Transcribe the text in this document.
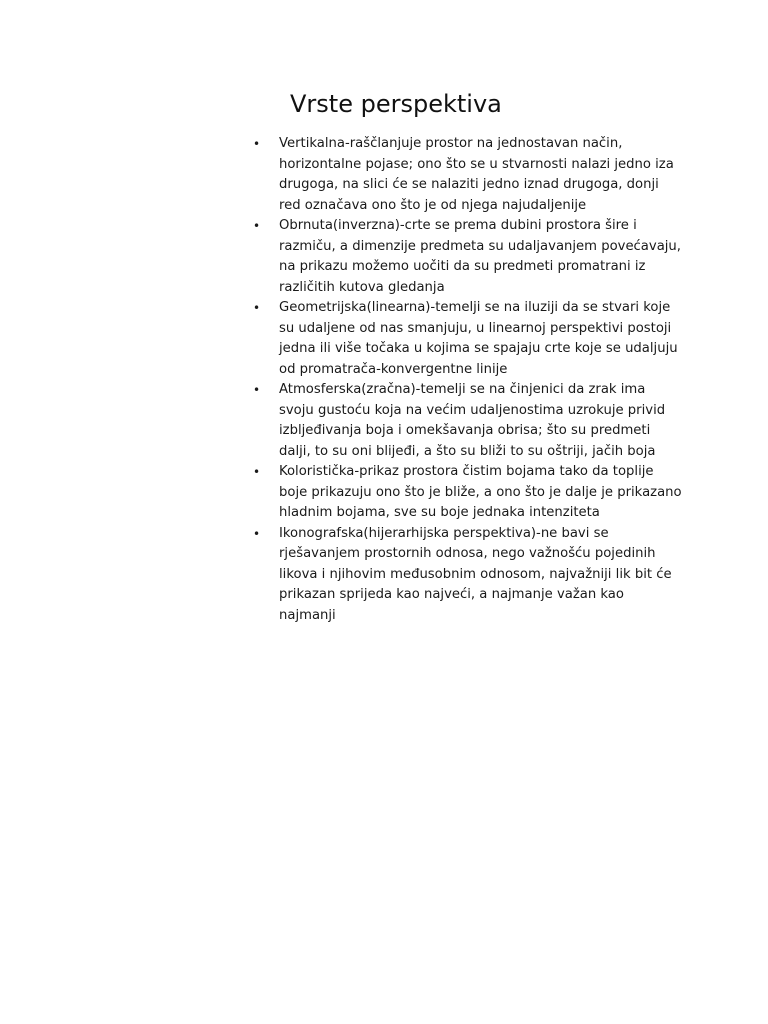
Vrste perspektiva
•	Vertikalna-raščlanjuje prostor na jednostavan način, horizontalne pojase; ono što se u stvarnosti nalazi jedno iza drugoga, na slici će se nalaziti jedno iznad drugoga, donji red označava ono što je od njega najudaljenije
•	Obrnuta(inverzna)-crte se prema dubini prostora šire i razmiču, a dimenzije predmeta su udaljavanjem povećavaju, na prikazu možemo uočiti da su predmeti promatrani iz različitih kutova gledanja
•	Geometrijska(linearna)-temelji se na iluziji da se stvari koje su udaljene od nas smanjuju, u linearnoj perspektivi postoji jedna ili više točaka u kojima se spajaju crte koje se udaljuju od promatrača-konvergentne linije
•	Atmosferska(zračna)-temelji se na činjenici da zrak ima svoju gustoću koja na većim udaljenostima uzrokuje privid izbljeđivanja boja i omekšavanja obrisa; što su predmeti dalji, to su oni blijeđi, a što su bliži to su oštriji, jačih boja
•	Koloristička-prikaz prostora čistim bojama tako da toplije boje prikazuju ono što je bliže, a ono što je dalje je prikazano hladnim bojama, sve su boje jednaka intenziteta
•	Ikonografska(hijerarhijska perspektiva)-ne bavi se rješavanjem prostornih odnosa, nego važnošću pojedinih likova i njihovim međusobnim odnosom, najvažniji lik bit će prikazan sprijeda kao najveći, a najmanje važan kao najmanji
